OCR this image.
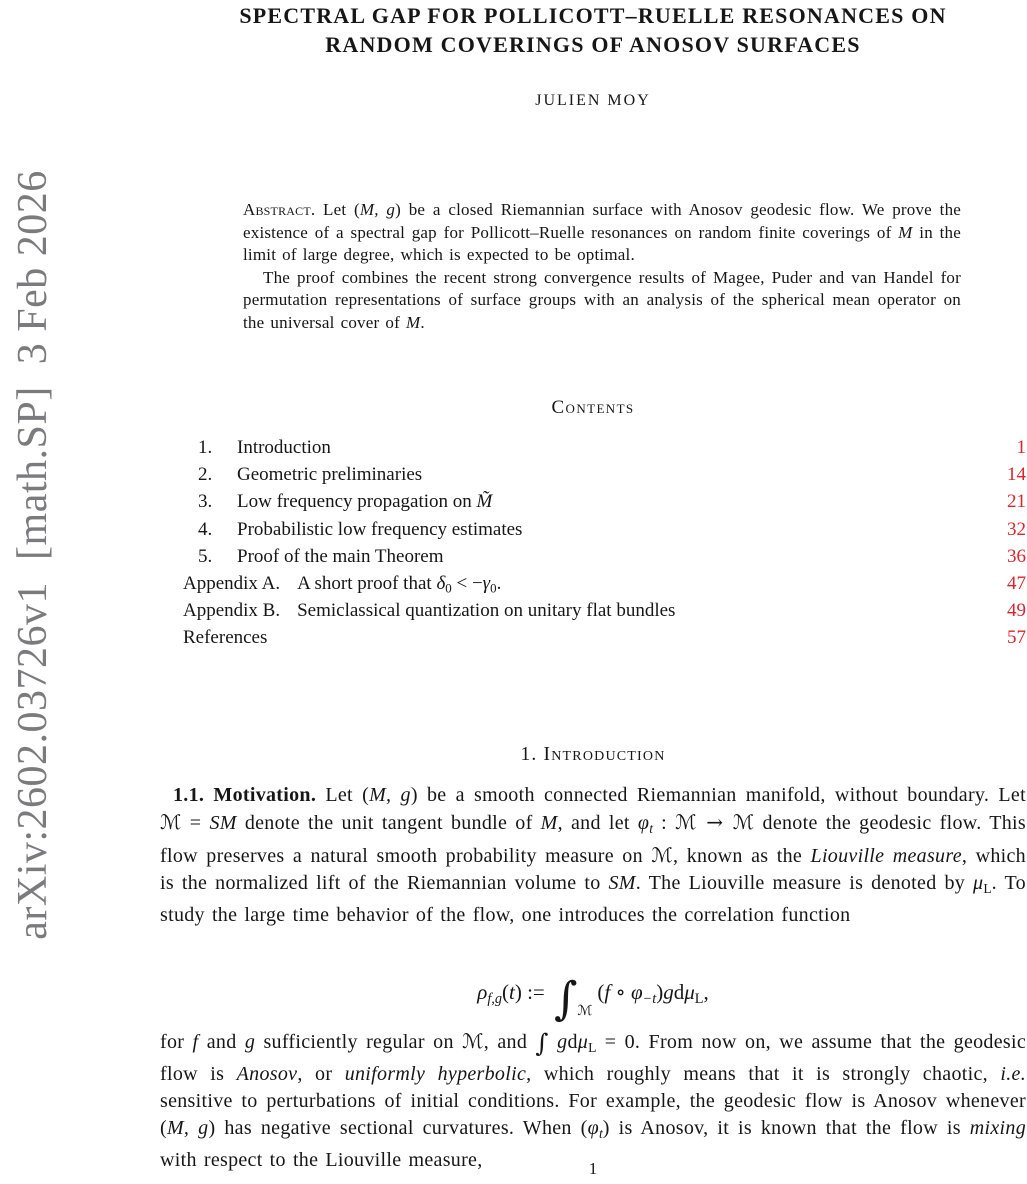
arXiv:2602.03726v1  [math.SP]  3 Feb 2026
SPECTRAL GAP FOR POLLICOTT–RUELLE RESONANCES ON
RANDOM COVERINGS OF ANOSOV SURFACES
JULIEN MOY
Abstract. Let (M, g) be a closed Riemannian surface with Anosov geodesic flow. We prove the existence of a spectral gap for Pollicott–Ruelle resonances on random finite coverings of M in the limit of large degree, which is expected to be optimal.
The proof combines the recent strong convergence results of Magee, Puder and van Handel for permutation representations of surface groups with an analysis of the spherical mean operator on the universal cover of M.
Contents
1.	Introduction	1
2.	Geometric preliminaries	14
3.	Low frequency propagation on M̃	21
4.	Probabilistic low frequency estimates	32
5.	Proof of the main Theorem	36
Appendix A. A short proof that δ0 < −γ0.	47
Appendix B. Semiclassical quantization on unitary flat bundles	49
References	57
1. Introduction
1.1. Motivation. Let (M, g) be a smooth connected Riemannian manifold, without boundary. Let ℳ = SM denote the unit tangent bundle of M, and let φt : ℳ → ℳ denote the geodesic flow. This flow preserves a natural smooth probability measure on ℳ, known as the Liouville measure, which is the normalized lift of the Riemannian volume to SM. The Liouville measure is denoted by μL. To study the large time behavior of the flow, one introduces the correlation function
ρf,g(t) := $\int_ℳ(f$ ∘ φ−t)gdμL,
for f and g sufficiently regular on ℳ, and ∫ gdμL = 0. From now on, we assume that the geodesic flow is Anosov, or uniformly hyperbolic, which roughly means that it is strongly chaotic, i.e. sensitive to perturbations of initial conditions. For example, the geodesic flow is Anosov whenever (M, g) has negative sectional curvatures. When (φt) is Anosov, it is known that the flow is mixing with respect to the Liouville measure,	1
